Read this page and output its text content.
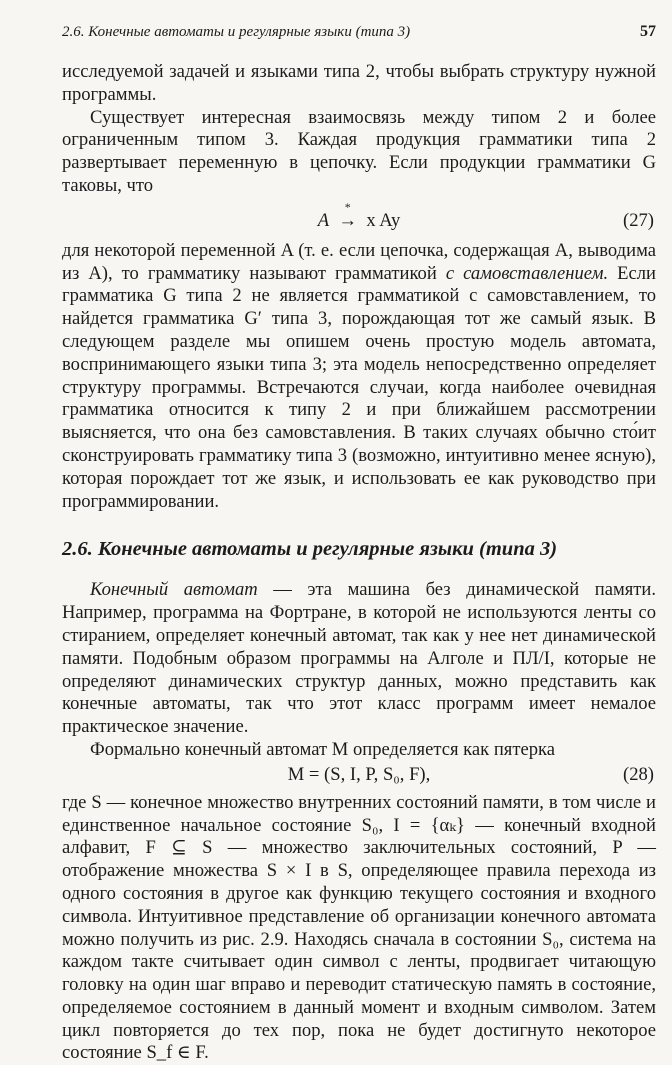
2.6. Конечные автоматы и регулярные языки (типа 3)	57

исследуемой задачей и языками типа 2, чтобы выбрать структуру нужной программы.

Существует интересная взаимосвязь между типом 2 и более ограниченным типом 3. Каждая продукция грамматики типа 2 развертывает переменную в цепочку. Если продукции грамматики G таковы, что

A
*
→ x Ay	(27)

для некоторой переменной A (т. е. если цепочка, содержащая A, выводима из A), то грамматику называют грамматикой с самовставлением. Если грамматика G типа 2 не является грамматикой с самовставлением, то найдется грамматика G′ типа 3, порождающая тот же самый язык. В следующем разделе мы опишем очень простую модель автомата, воспринимающего языки типа 3; эта модель непосредственно определяет структуру программы. Встречаются случаи, когда наиболее очевидная грамматика относится к типу 2 и при ближайшем рассмотрении выясняется, что она без самовставления. В таких случаях обычно сто́ит сконструировать грамматику типа 3 (возможно, интуитивно менее ясную), которая порождает тот же язык, и использовать ее как руководство при программировании.

2.6. Конечные автоматы и регулярные языки (типа 3)

Конечный автомат — эта машина без динамической памяти. Например, программа на Фортране, в которой не используются ленты со стиранием, определяет конечный автомат, так как у нее нет динамической памяти. Подобным образом программы на Алголе и ПЛ/I, которые не определяют динамических структур данных, можно представить как конечные автоматы, так что этот класс программ имеет немалое практическое значение.

Формально конечный автомат M определяется как пятерка

M = (S, I, P, S₀, F),	(28)

где S — конечное множество внутренних состояний памяти, в том числе и единственное начальное состояние S₀, I = {αₖ} — конечный входной алфавит, F ⊆ S — множество заключительных состояний, P — отображение множества S × I в S, определяющее правила перехода из одного состояния в другое как функцию текущего состояния и входного символа. Интуитивное представление об организации конечного автомата можно получить из рис. 2.9. Находясь сначала в состоянии S₀, система на каждом такте считывает один символ с ленты, продвигает читающую головку на один шаг вправо и переводит статическую память в состояние, определяемое состоянием в данный момент и входным символом. Затем цикл повторяется до тех пор, пока не будет достигнуто некоторое состояние S_f ∈ F.
